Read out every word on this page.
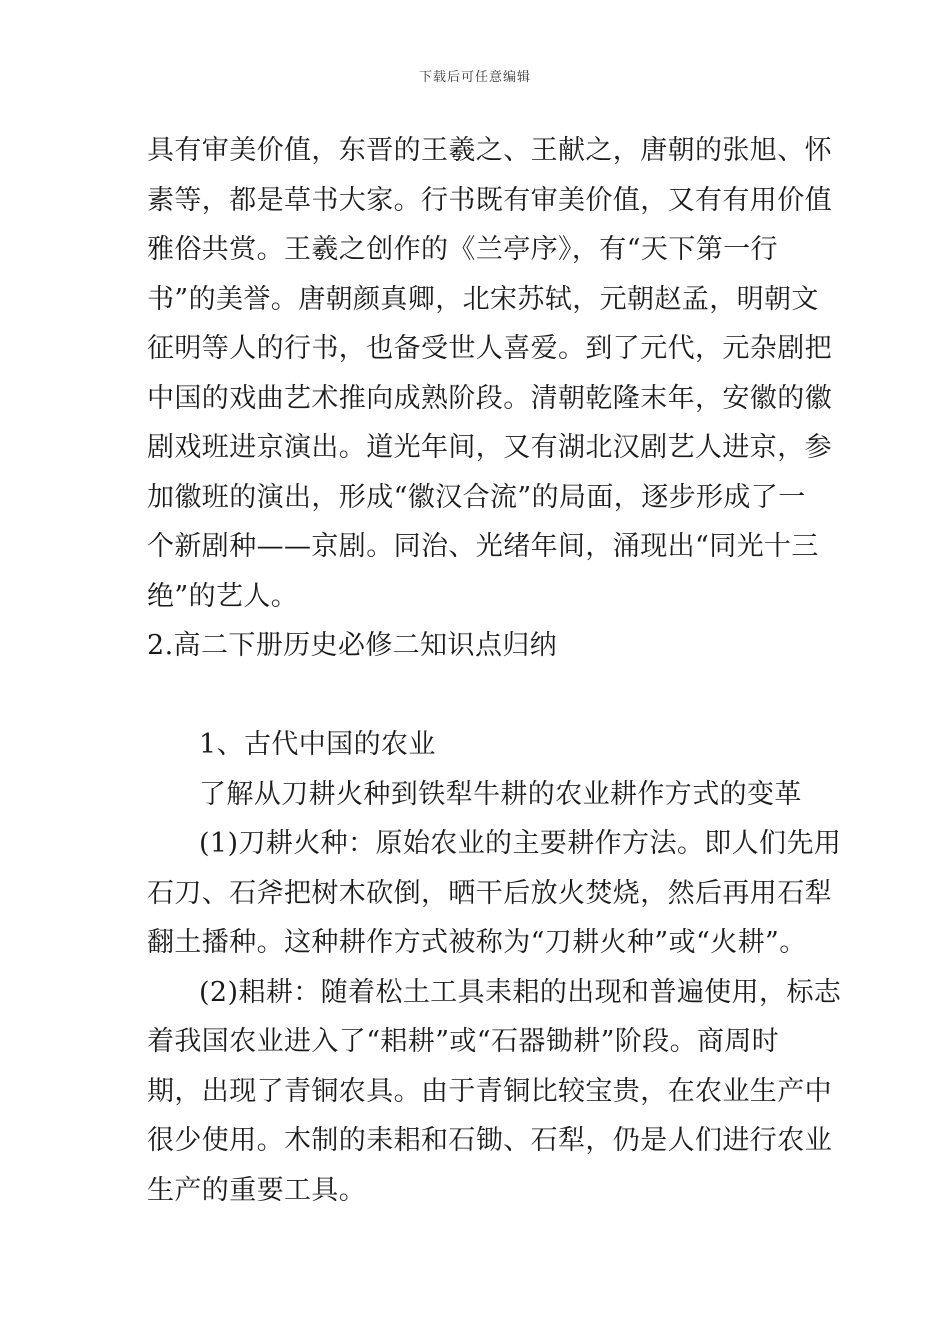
下载后可任意编辑
具有审美价值，东晋的王羲之、王献之，唐朝的张旭、怀
素等，都是草书大家。行书既有审美价值，又有有用价值
雅俗共赏。王羲之创作的《兰亭序》，有“天下第一行
书”的美誉。唐朝颜真卿，北宋苏轼，元朝赵孟，明朝文
征明等人的行书，也备受世人喜爱。到了元代，元杂剧把
中国的戏曲艺术推向成熟阶段。清朝乾隆末年，安徽的徽
剧戏班进京演出。道光年间，又有湖北汉剧艺人进京，参
加徽班的演出，形成“徽汉合流”的局面，逐步形成了一
个新剧种——京剧。同治、光绪年间，涌现出“同光十三
绝”的艺人。
2.高二下册历史必修二知识点归纳
1、古代中国的农业
了解从刀耕火种到铁犁牛耕的农业耕作方式的变革
(1)刀耕火种：原始农业的主要耕作方法。即人们先用
石刀、石斧把树木砍倒，晒干后放火焚烧，然后再用石犁
翻土播种。这种耕作方式被称为“刀耕火种”或“火耕”。
(2)耜耕：随着松土工具耒耜的出现和普遍使用，标志
着我国农业进入了“耜耕”或“石器锄耕”阶段。商周时
期，出现了青铜农具。由于青铜比较宝贵，在农业生产中
很少使用。木制的耒耜和石锄、石犁，仍是人们进行农业
生产的重要工具。
